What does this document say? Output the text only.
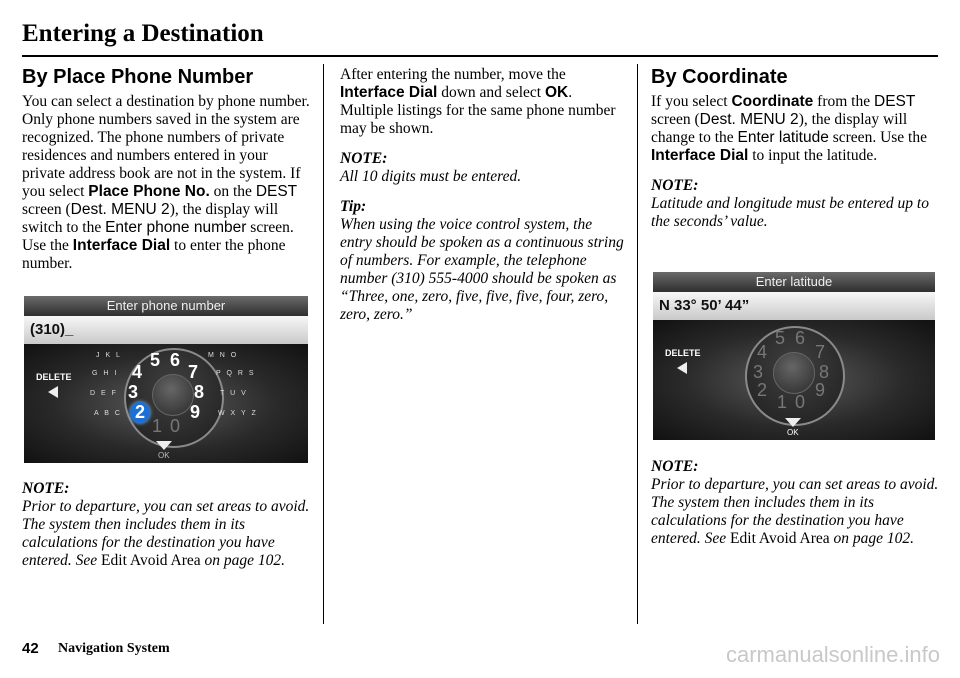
Entering a Destination
By Place Phone Number

You can select a destination by phone number. Only phone numbers saved in the system are recognized. The phone numbers of private residences and numbers entered in your private address book are not in the system. If you select Place Phone No. on the DEST screen (Dest. MENU 2), the display will switch to the Enter phone number screen. Use the Interface Dial to enter the phone number.

Enter phone number
(310)_
J K L	M N O
G H I	P Q R S
D E F	T U V
A B C	W X Y Z
5 6
4	7
3	8
2	9
1 0
DELETE
OK

NOTE:

Prior to departure, you can set areas to avoid. The system then includes them in its calculations for the destination you have entered. See Edit Avoid Area on page 102.

After entering the number, move the Interface Dial down and select OK. Multiple listings for the same phone number may be shown.

NOTE:

All 10 digits must be entered.

Tip:

When using the voice control system, the entry should be spoken as a continuous string of numbers. For example, the telephone number (310) 555-4000 should be spoken as “Three, one, zero, five, five, five, four, zero, zero, zero.”

By Coordinate

If you select Coordinate from the DEST screen (Dest. MENU 2), the display will change to the Enter latitude screen. Use the Interface Dial to input the latitude.

NOTE:

Latitude and longitude must be entered up to the seconds’ value.

Enter latitude
N 33° 50’ 44”
5 6
4	7
3	8
2	9
1 0
DELETE
OK

NOTE:

Prior to departure, you can set areas to avoid. The system then includes them in its calculations for the destination you have entered. See Edit Avoid Area on page 102.

42 Navigation System	carmanualsonline.info
